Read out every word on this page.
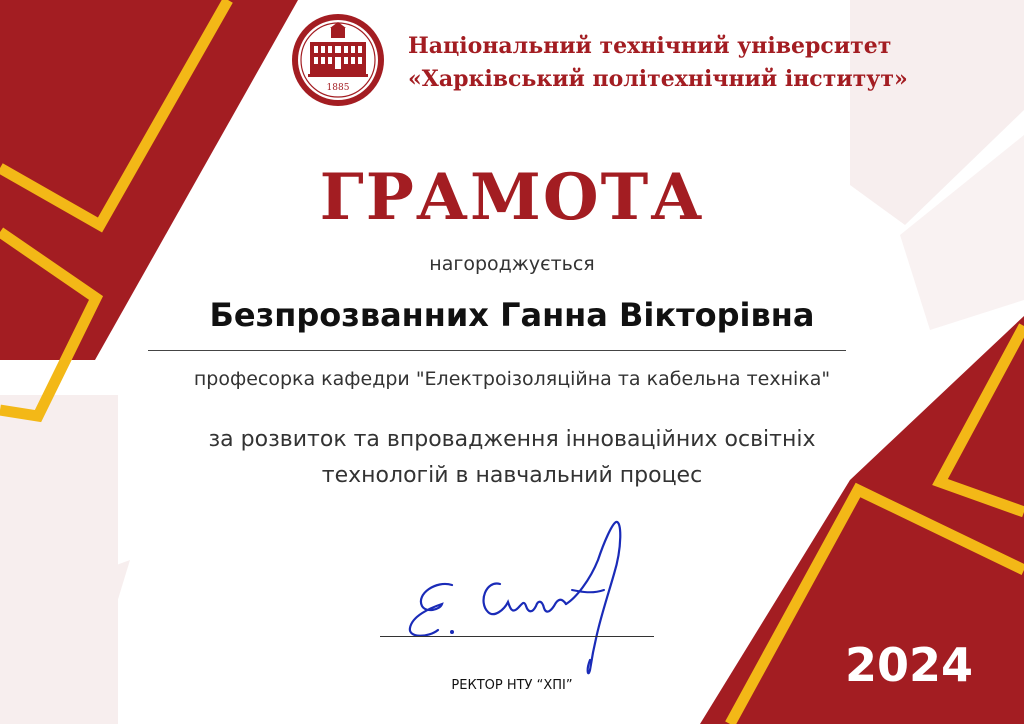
1885
Національний технічний університет
«Харківський політехнічний інститут»
ГРАМОТА
нагороджується
Безпрозванних Ганна Вікторівна
професорка кафедри "Електроізоляційна та кабельна техніка"
за розвиток та впровадження інноваційних освітніх
технологій в навчальний процес
РЕКТОР НТУ “ХПІ”	2024
